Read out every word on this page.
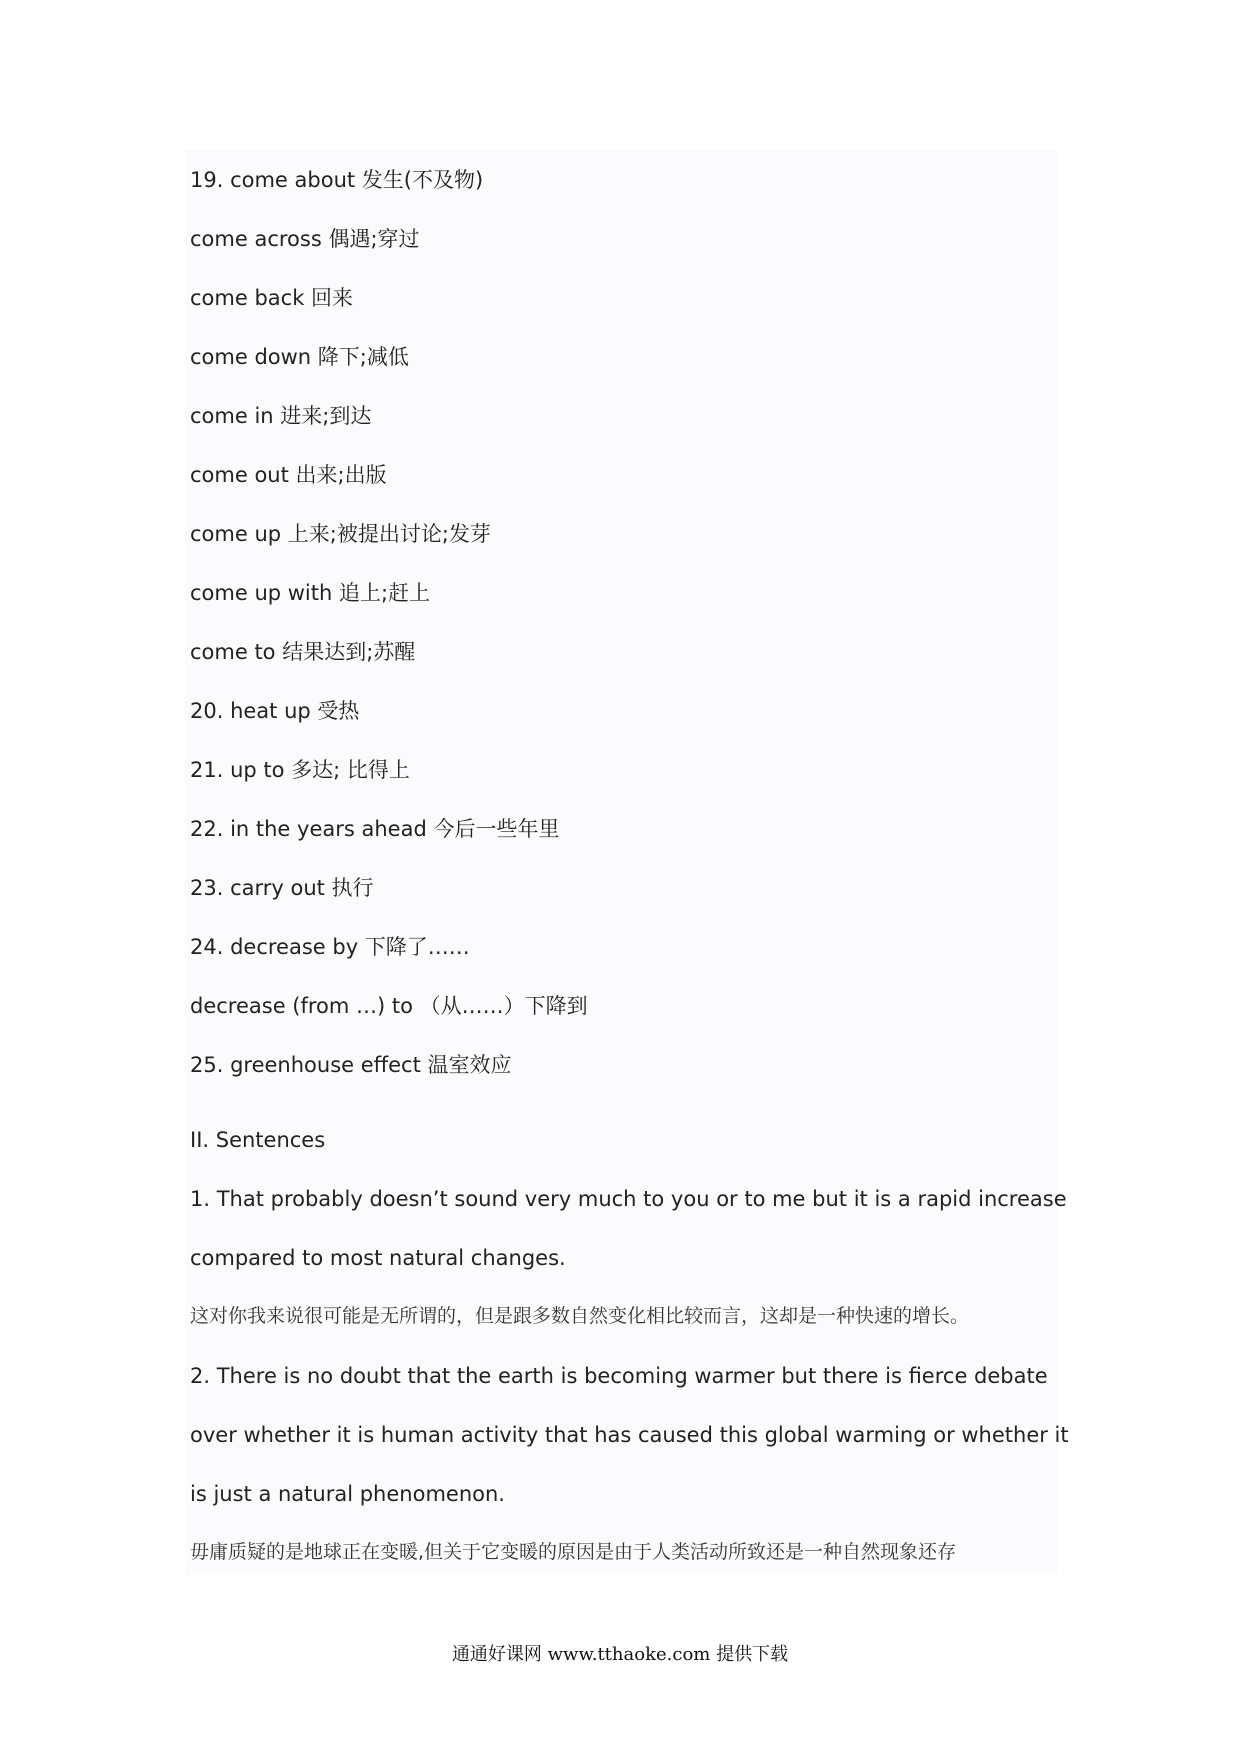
19. come about 发生(不及物)
come across 偶遇;穿过
come back 回来
come down 降下;减低
come in 进来;到达
come out 出来;出版
come up 上来;被提出讨论;发芽
come up with 追上;赶上
come to 结果达到;苏醒
20. heat up 受热
21. up to 多达; 比得上
22. in the years ahead 今后一些年里
23. carry out 执行
24. decrease by 下降了……
decrease (from …) to （从……）下降到
25. greenhouse effect 温室效应
II. Sentences
1. That probably doesn’t sound very much to you or to me but it is a rapid increase
compared to most natural changes.
这对你我来说很可能是无所谓的，但是跟多数自然变化相比较而言，这却是一种快速的增长。
2. There is no doubt that the earth is becoming warmer but there is fierce debate
over whether it is human activity that has caused this global warming or whether it
is just a natural phenomenon.
毋庸质疑的是地球正在变暖,但关于它变暖的原因是由于人类活动所致还是一种自然现象还存
通通好课网 www.tthaoke.com 提供下载
